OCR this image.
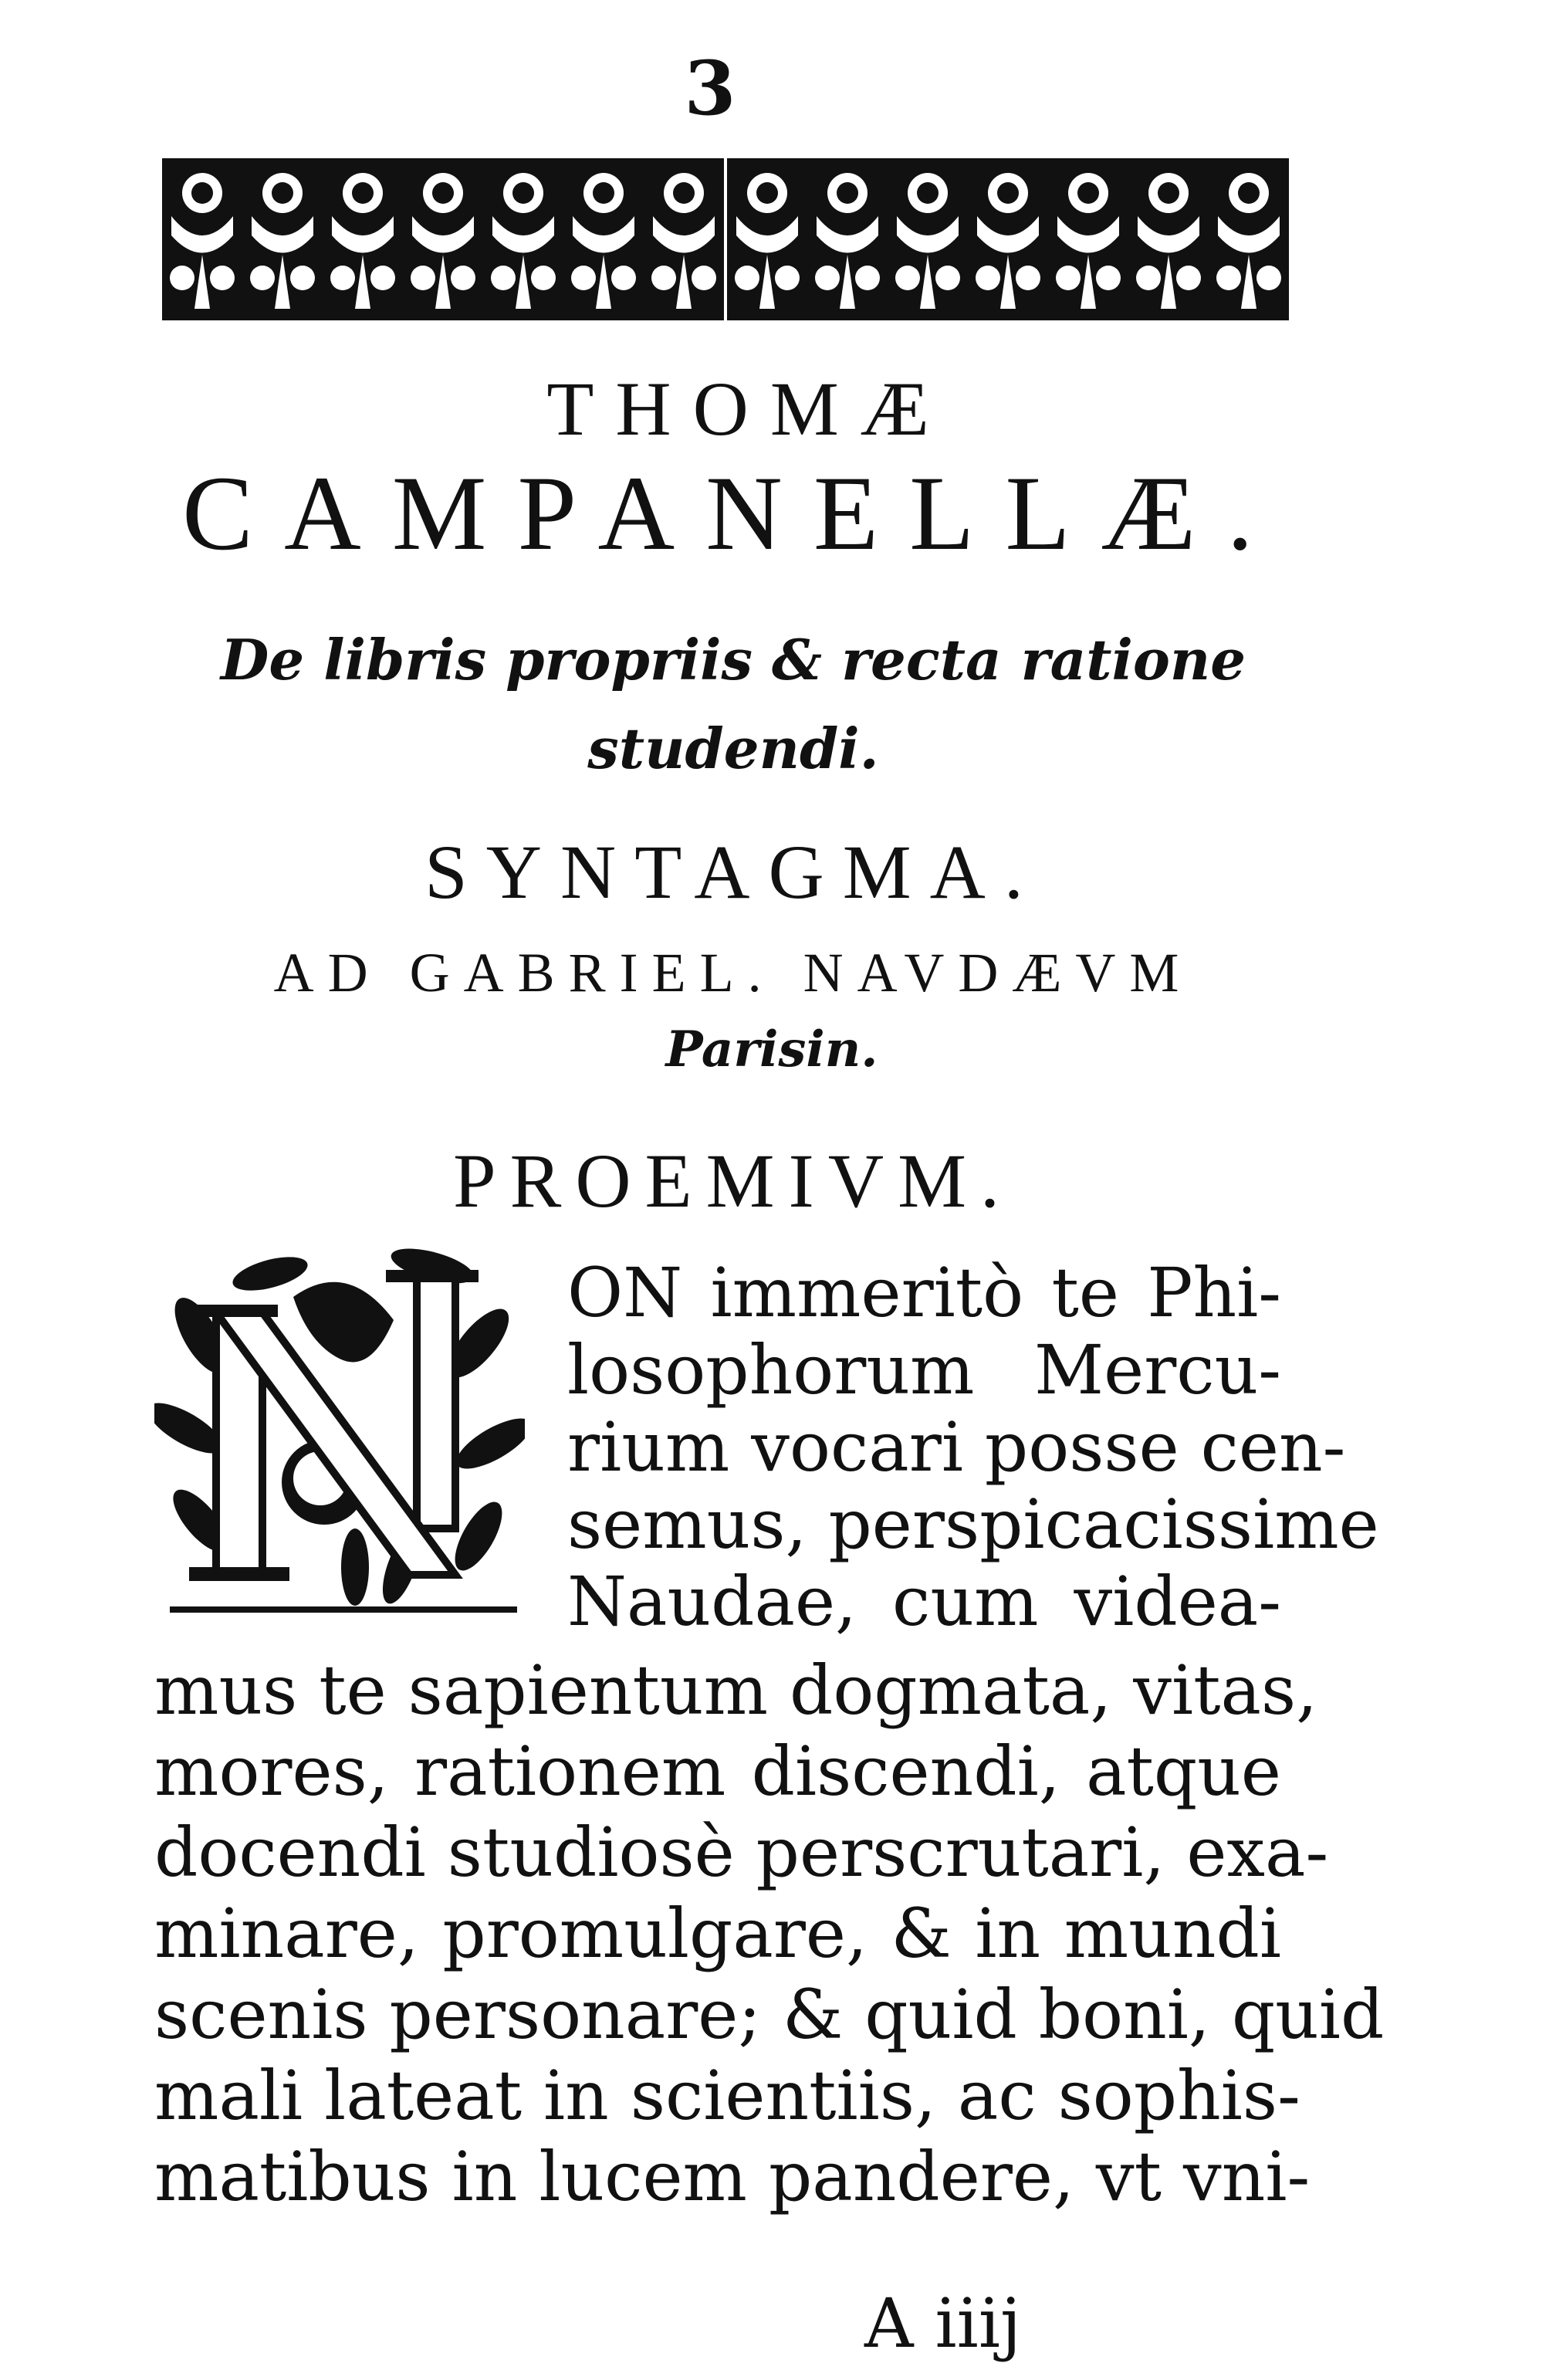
3
THOMÆ
CAMPANELLÆ.
De libris propriis & recta ratione
studendi.
SYNTAGMA.
AD GABRIEL. NAVDÆVM
Parisin.
PROEMIVM.
ON immeritò te Phi-
losophorum Mercu-
rium vocari posse cen-
semus, perspicacissime
Naudae, cum videa-
mus te sapientum dogmata, vitas,
mores, rationem discendi, atque
docendi studiosè perscrutari, exa-
minare, promulgare, & in mundi
scenis personare; & quid boni, quid
mali lateat in scientiis, ac sophis-
matibus in lucem pandere, vt vni-
A iiij
